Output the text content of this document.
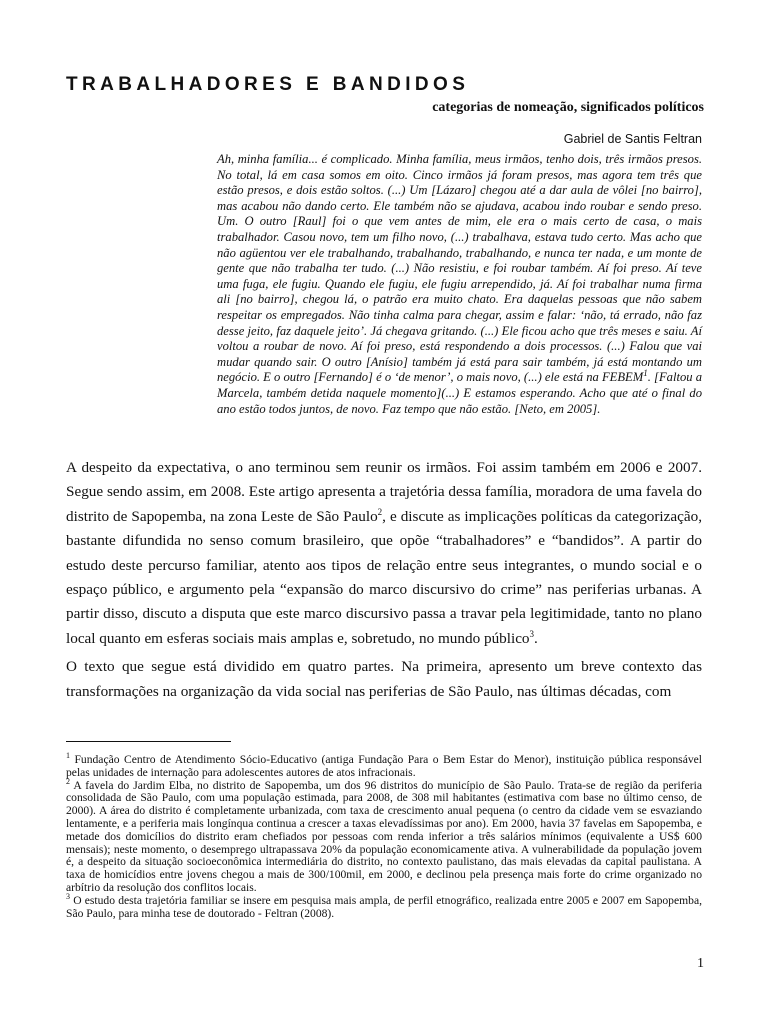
TRABALHADORES E BANDIDOS
categorias de nomeação, significados políticos
Gabriel de Santis Feltran

Ah, minha família... é complicado. Minha família, meus irmãos, tenho dois, três irmãos presos. No total, lá em casa somos em oito. Cinco irmãos já foram presos, mas agora tem três que estão presos, e dois estão soltos. (...) Um [Lázaro] chegou até a dar aula de vôlei [no bairro], mas acabou não dando certo. Ele também não se ajudava, acabou indo roubar e sendo preso. Um. O outro [Raul] foi o que vem antes de mim, ele era o mais certo de casa, o mais trabalhador. Casou novo, tem um filho novo, (...) trabalhava, estava tudo certo. Mas acho que não agüentou ver ele trabalhando, trabalhando, trabalhando, e nunca ter nada, e um monte de gente que não trabalha ter tudo. (...) Não resistiu, e foi roubar também. Aí foi preso. Aí teve uma fuga, ele fugiu. Quando ele fugiu, ele fugiu arrependido, já. Aí foi trabalhar numa firma ali [no bairro], chegou lá, o patrão era muito chato. Era daquelas pessoas que não sabem respeitar os empregados. Não tinha calma para chegar, assim e falar: ‘não, tá errado, não faz desse jeito, faz daquele jeito’. Já chegava gritando. (...) Ele ficou acho que três meses e saiu. Aí voltou a roubar de novo. Aí foi preso, está respondendo a dois processos. (...) Falou que vai mudar quando sair. O outro [Anísio] também já está para sair também, já está montando um negócio. E o outro [Fernando] é o ‘de menor’, o mais novo, (...) ele está na FEBEM$^1$. [Faltou a Marcela, também detida naquele momento](...) E estamos esperando. Acho que até o final do ano estão todos juntos, de novo. Faz tempo que não estão. [Neto, em 2005].

A despeito da expectativa, o ano terminou sem reunir os irmãos. Foi assim também em 2006 e 2007. Segue sendo assim, em 2008. Este artigo apresenta a trajetória dessa família, moradora de uma favela do distrito de Sapopemba, na zona Leste de São Paulo$^2$, e discute as implicações políticas da categorização, bastante difundida no senso comum brasileiro, que opõe “trabalhadores” e “bandidos”. A partir do estudo deste percurso familiar, atento aos tipos de relação entre seus integrantes, o mundo social e o espaço público, e argumento pela “expansão do marco discursivo do crime” nas periferias urbanas. A partir disso, discuto a disputa que este marco discursivo passa a travar pela legitimidade, tanto no plano local quanto em esferas sociais mais amplas e, sobretudo, no mundo público$^3$.

O texto que segue está dividido em quatro partes. Na primeira, apresento um breve contexto das transformações na organização da vida social nas periferias de São Paulo, nas últimas décadas, com

$^1$ Fundação Centro de Atendimento Sócio-Educativo (antiga Fundação Para o Bem Estar do Menor), instituição pública responsável pelas unidades de internação para adolescentes autores de atos infracionais.

$^2$ A favela do Jardim Elba, no distrito de Sapopemba, um dos 96 distritos do município de São Paulo. Trata-se de região da periferia consolidada de São Paulo, com uma população estimada, para 2008, de 308 mil habitantes (estimativa com base no último censo, de 2000). A área do distrito é completamente urbanizada, com taxa de crescimento anual pequena (o centro da cidade vem se esvaziando lentamente, e a periferia mais longínqua continua a crescer a taxas elevadíssimas por ano). Em 2000, havia 37 favelas em Sapopemba, e metade dos domicílios do distrito eram chefiados por pessoas com renda inferior a três salários mínimos (equivalente a US$ 600 mensais); neste momento, o desemprego ultrapassava 20% da população economicamente ativa. A vulnerabilidade da população jovem é, a despeito da situação socioeconômica intermediária do distrito, no contexto paulistano, das mais elevadas da capital paulistana. A taxa de homicídios entre jovens chegou a mais de 300/100mil, em 2000, e declinou pela presença mais forte do crime organizado no arbítrio da resolução dos conflitos locais.

$^3$ O estudo desta trajetória familiar se insere em pesquisa mais ampla, de perfil etnográfico, realizada entre 2005 e 2007 em Sapopemba, São Paulo, para minha tese de doutorado - Feltran (2008).

1
